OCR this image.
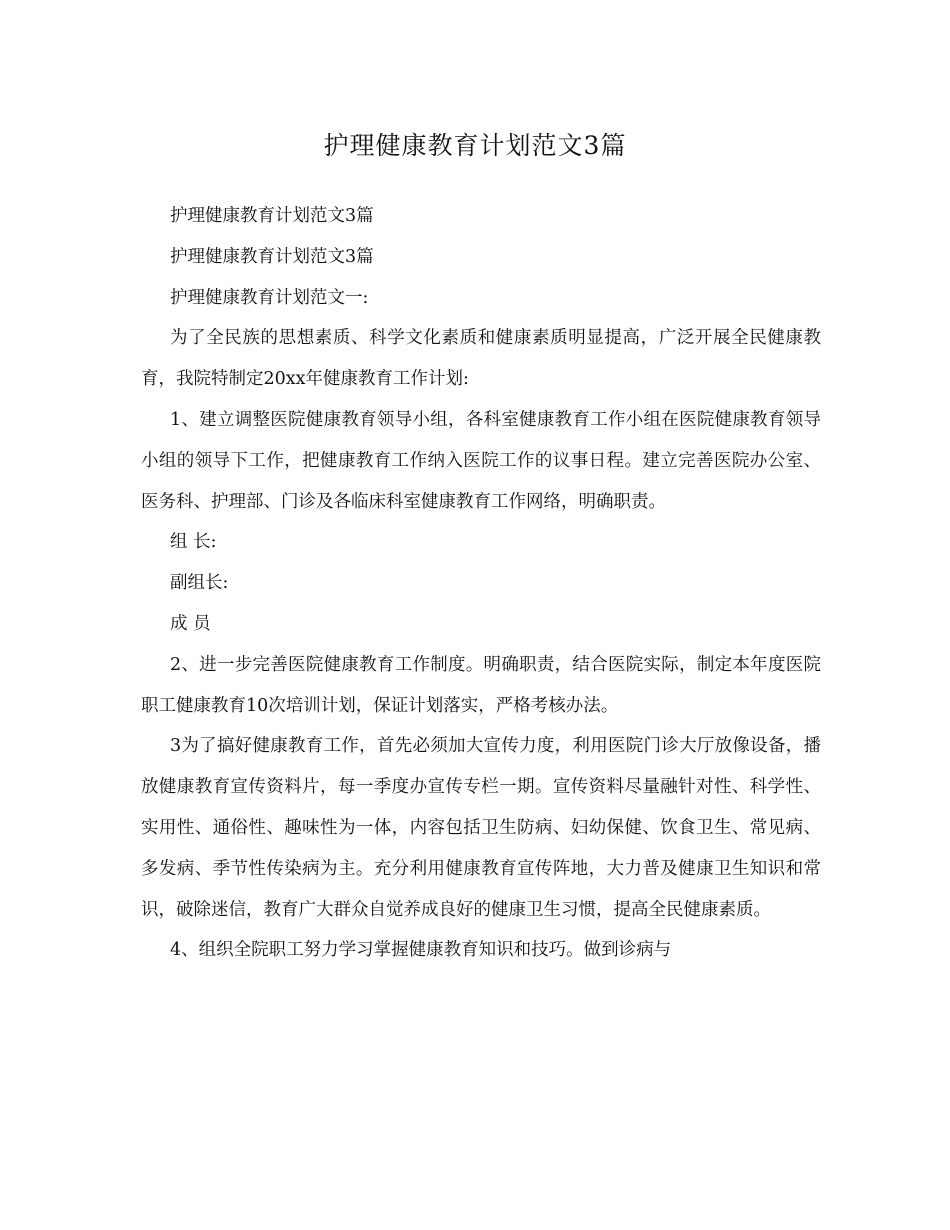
护理健康教育计划范文3篇

护理健康教育计划范文3篇

护理健康教育计划范文3篇

护理健康教育计划范文一:

为了全民族的思想素质、科学文化素质和健康素质明显提高，广泛开展全民健康教育，我院特制定20xx年健康教育工作计划:

1、建立调整医院健康教育领导小组，各科室健康教育工作小组在医院健康教育领导小组的领导下工作，把健康教育工作纳入医院工作的议事日程。建立完善医院办公室、医务科、护理部、门诊及各临床科室健康教育工作网络，明确职责。

组 长:

副组长:

成 员

2、进一步完善医院健康教育工作制度。明确职责，结合医院实际，制定本年度医院职工健康教育10次培训计划，保证计划落实，严格考核办法。

3为了搞好健康教育工作，首先必须加大宣传力度，利用医院门诊大厅放像设备，播放健康教育宣传资料片，每一季度办宣传专栏一期。宣传资料尽量融针对性、科学性、实用性、通俗性、趣味性为一体，内容包括卫生防病、妇幼保健、饮食卫生、常见病、多发病、季节性传染病为主。充分利用健康教育宣传阵地，大力普及健康卫生知识和常识，破除迷信，教育广大群众自觉养成良好的健康卫生习惯，提高全民健康素质。

4、组织全院职工努力学习掌握健康教育知识和技巧。做到诊病与
